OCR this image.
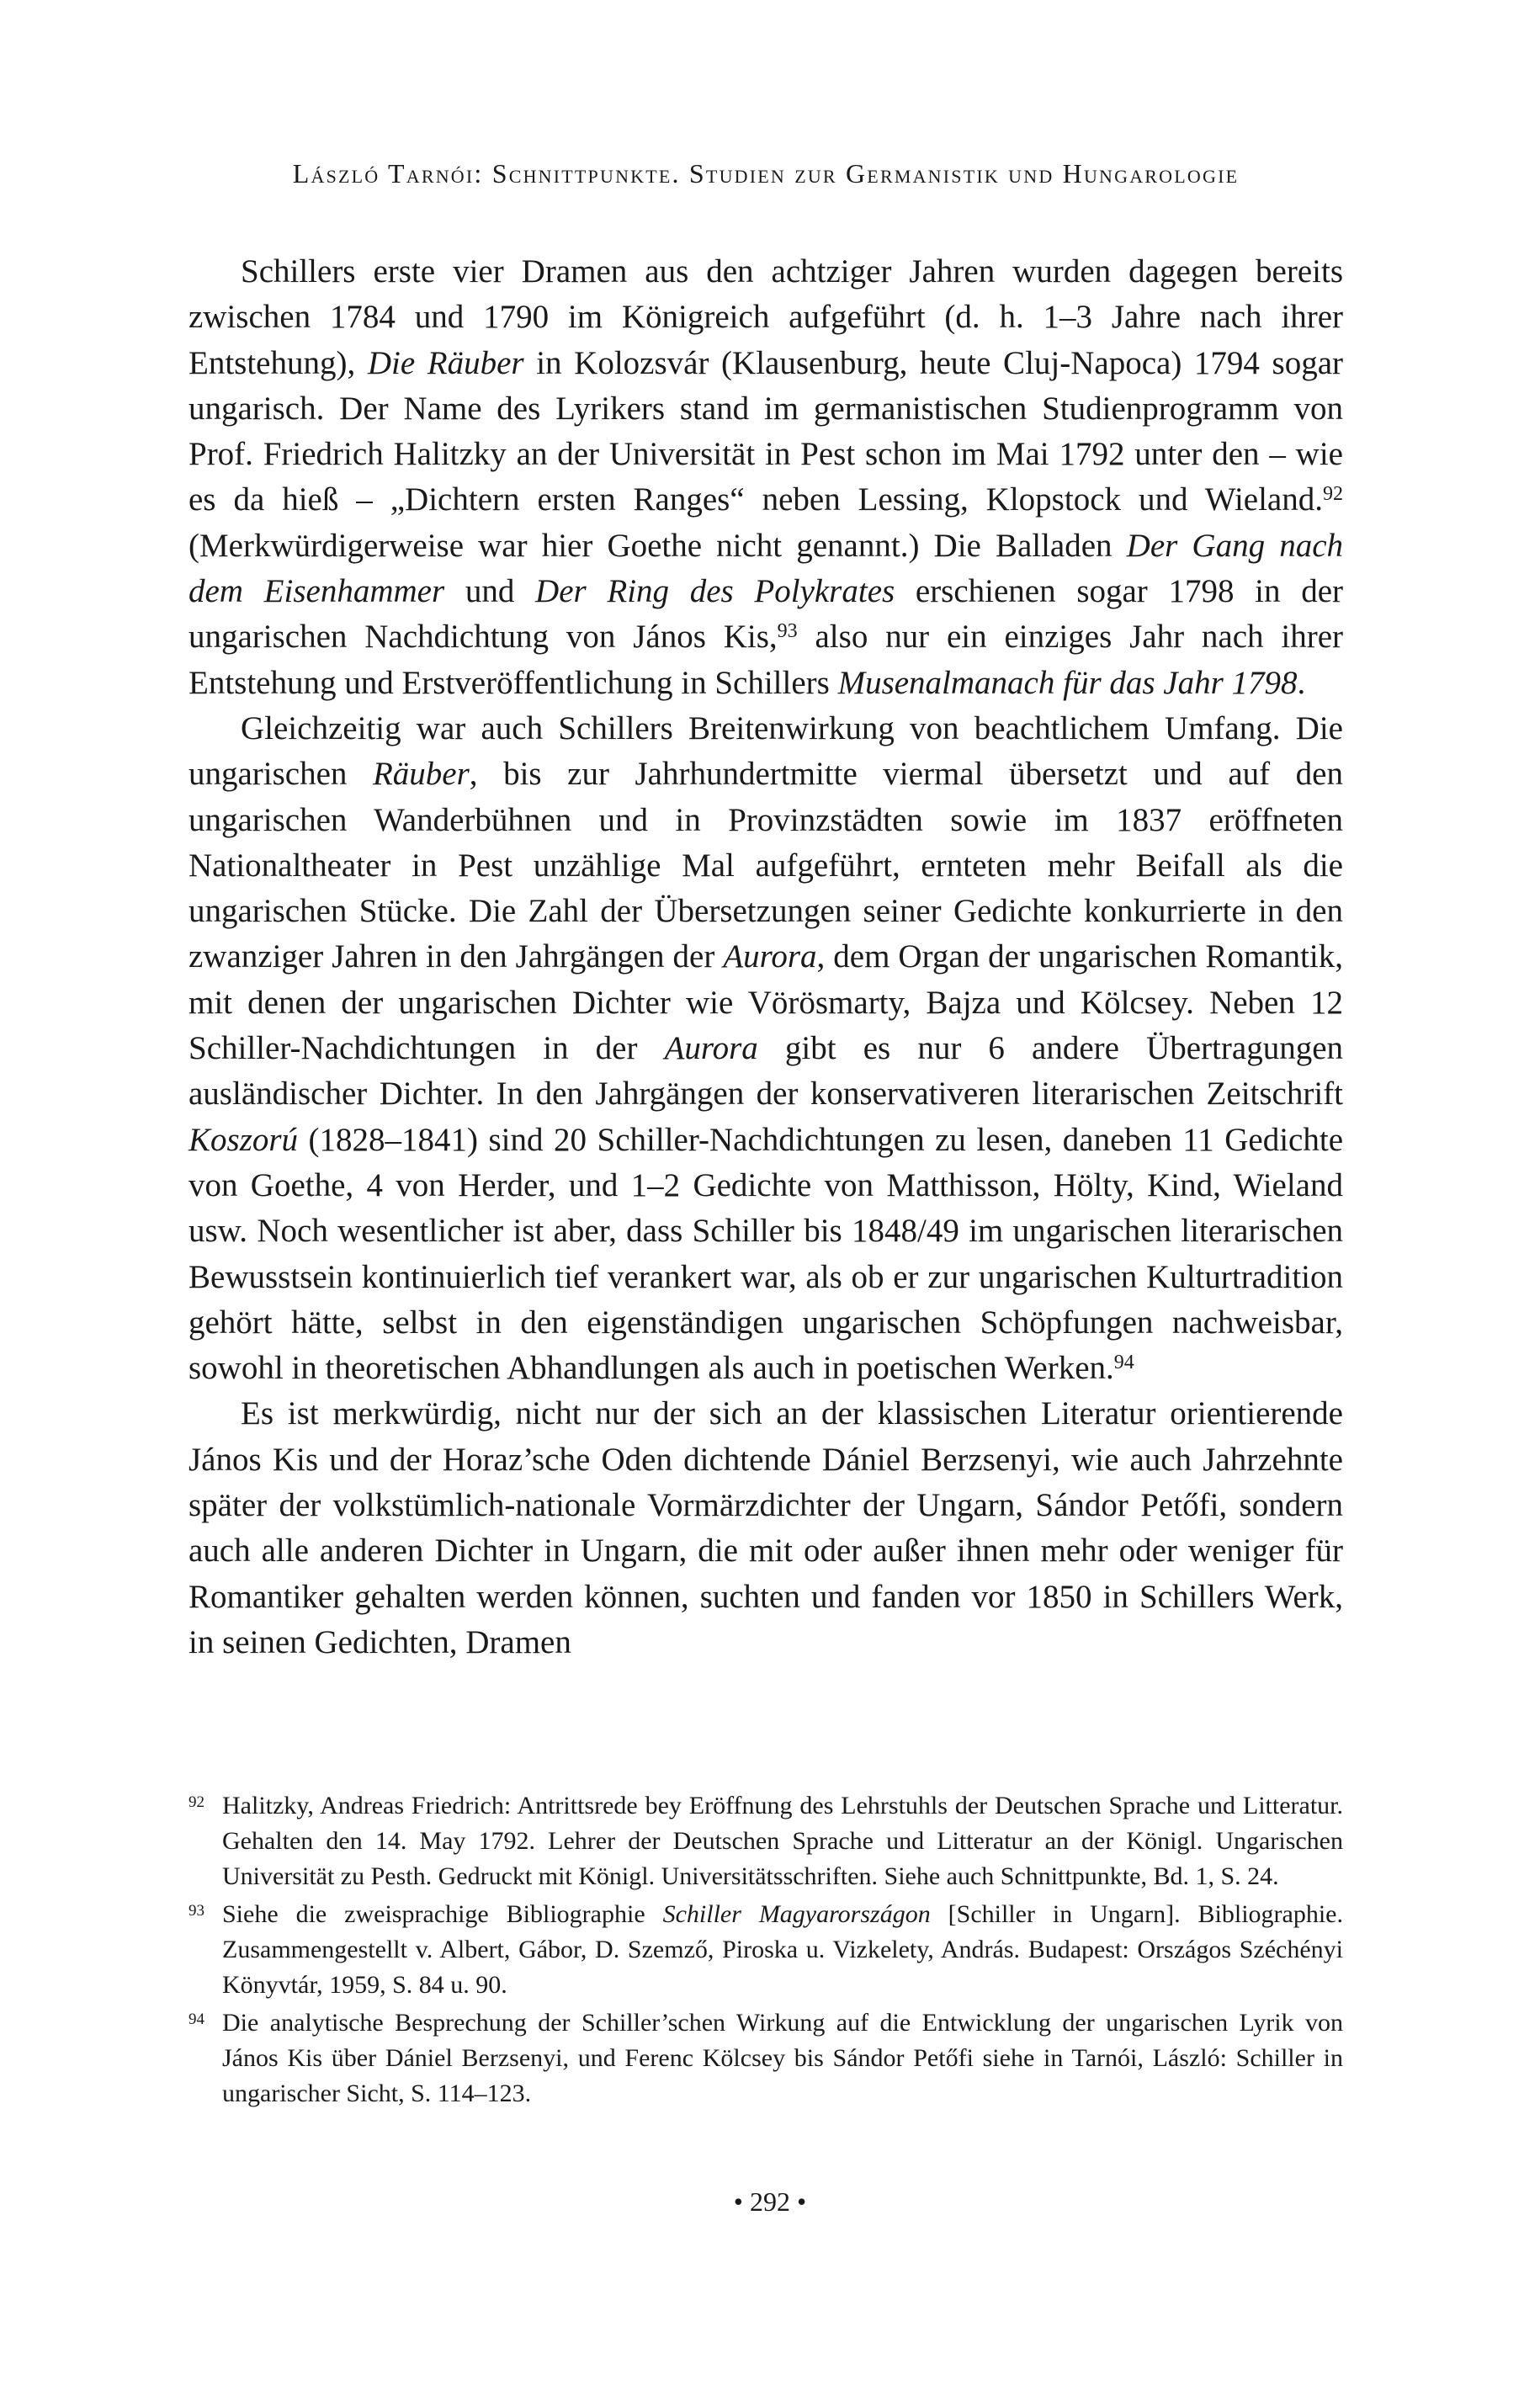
László Tarnói: Schnittpunkte. Studien zur Germanistik und Hungarologie

Schillers erste vier Dramen aus den achtziger Jahren wurden dagegen bereits zwischen 1784 und 1790 im Königreich aufgeführt (d. h. 1–3 Jahre nach ihrer Entstehung), Die Räuber in Kolozsvár (Klausenburg, heute Cluj-Napoca) 1794 sogar ungarisch. Der Name des Lyrikers stand im germanistischen Studienprogramm von Prof. Friedrich Halitzky an der Universität in Pest schon im Mai 1792 unter den – wie es da hieß – „Dichtern ersten Ranges“ neben Lessing, Klopstock und Wieland.$^{92}$ (Merkwürdigerweise war hier Goethe nicht genannt.) Die Balladen Der Gang nach dem Eisenhammer und Der Ring des Polykrates erschienen sogar 1798 in der ungarischen Nachdichtung von János Kis,$^{93}$ also nur ein einziges Jahr nach ihrer Entstehung und Erstveröffentlichung in Schillers Musenalmanach für das Jahr 1798.

Gleichzeitig war auch Schillers Breitenwirkung von beachtlichem Umfang. Die ungarischen Räuber, bis zur Jahrhundertmitte viermal übersetzt und auf den ungarischen Wanderbühnen und in Provinzstädten sowie im 1837 eröffneten Nationaltheater in Pest unzählige Mal aufgeführt, ernteten mehr Beifall als die ungarischen Stücke. Die Zahl der Übersetzungen seiner Gedichte konkurrierte in den zwanziger Jahren in den Jahrgängen der Aurora, dem Organ der ungarischen Romantik, mit denen der ungarischen Dichter wie Vörösmarty, Bajza und Kölcsey. Neben 12 Schiller-Nachdichtungen in der Aurora gibt es nur 6 andere Übertragungen ausländischer Dichter. In den Jahrgängen der konservativeren literarischen Zeitschrift Koszorú (1828–1841) sind 20 Schiller-Nachdichtungen zu lesen, daneben 11 Gedichte von Goethe, 4 von Herder, und 1–2 Gedichte von Matthisson, Hölty, Kind, Wieland usw. Noch wesentlicher ist aber, dass Schiller bis 1848/49 im ungarischen literarischen Bewusstsein kontinuierlich tief verankert war, als ob er zur ungarischen Kulturtradition gehört hätte, selbst in den eigenständigen ungarischen Schöpfungen nachweisbar, sowohl in theoretischen Abhandlungen als auch in poetischen Werken.$^{94}$

Es ist merkwürdig, nicht nur der sich an der klassischen Literatur orientierende János Kis und der Horaz’sche Oden dichtende Dániel Berzsenyi, wie auch Jahrzehnte später der volkstümlich-nationale Vormärzdichter der Ungarn, Sándor Petőfi, sondern auch alle anderen Dichter in Ungarn, die mit oder außer ihnen mehr oder weniger für Romantiker gehalten werden können, suchten und fanden vor 1850 in Schillers Werk, in seinen Gedichten, Dramen

92 Halitzky, Andreas Friedrich: Antrittsrede bey Eröffnung des Lehrstuhls der Deutschen Sprache und Litteratur. Gehalten den 14. May 1792. Lehrer der Deutschen Sprache und Litteratur an der Königl. Ungarischen Universität zu Pesth. Gedruckt mit Königl. Universitätsschriften. Siehe auch Schnittpunkte, Bd. 1, S. 24.
93 Siehe die zweisprachige Bibliographie Schiller Magyarországon [Schiller in Ungarn]. Bibliographie. Zusammengestellt v. Albert, Gábor, D. Szemző, Piroska u. Vizkelety, András. Budapest: Országos Széchényi Könyvtár, 1959, S. 84 u. 90.
94 Die analytische Besprechung der Schiller’schen Wirkung auf die Entwicklung der ungarischen Lyrik von János Kis über Dániel Berzsenyi, und Ferenc Kölcsey bis Sándor Petőfi siehe in Tarnói, László: Schiller in ungarischer Sicht, S. 114–123.
• 292 •
